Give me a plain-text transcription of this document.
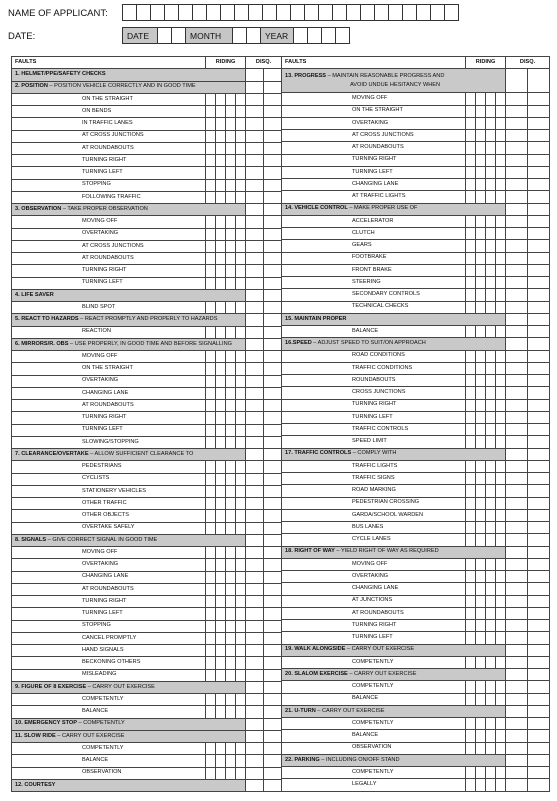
NAME OF APPLICANT:
DATE:	DATE	MONTH	YEAR
FAULTS	RIDING				DISQ.	
1. HELMET/PPE/SAFETY CHECKS						
2. POSITION – POSITION VEHICLE CORRECTLY AND IN GOOD TIME						
ON THE STRAIGHT						
ON BENDS						
IN TRAFFIC LANES						
AT CROSS JUNCTIONS						
AT ROUNDABOUTS						
TURNING RIGHT						
TURNING LEFT						
STOPPING						
FOLLOWING TRAFFIC						
3. OBSERVATION – TAKE PROPER OBSERVATION						
MOVING OFF						
OVERTAKING						
AT CROSS JUNCTIONS						
AT ROUNDABOUTS						
TURNING RIGHT						
TURNING LEFT						
4. LIFE SAVER						
BLIND SPOT						
5. REACT TO HAZARDS – REACT PROMPTLY AND PROPERLY TO HAZARDS						
REACTION						
6. MIRRORS/R. OBS – USE PROPERLY, IN GOOD TIME AND BEFORE SIGNALLING						
MOVING OFF						
ON THE STRAIGHT						
OVERTAKING						
CHANGING LANE						
AT ROUNDABOUTS						
TURNING RIGHT						
TURNING LEFT						
SLOWING/STOPPING						
7. CLEARANCE/OVERTAKE – ALLOW SUFFICIENT CLEARANCE TO						
PEDESTRIANS						
CYCLISTS						
STATIONERY VEHICLES						
OTHER TRAFFIC						
OTHER OBJECTS						
OVERTAKE SAFELY						
8. SIGNALS – GIVE CORRECT SIGNAL IN GOOD TIME						
MOVING OFF						
OVERTAKING						
CHANGING LANE						
AT ROUNDABOUTS						
TURNING RIGHT						
TURNING LEFT						
STOPPING						
CANCEL PROMPTLY						
HAND SIGNALS						
BECKONING OTHERS						
MISLEADING						
9. FIGURE OF 8 EXERCISE – CARRY OUT EXERCISE						
COMPETENTLY						
BALANCE						
10. EMERGENCY STOP – COMPETENTLY						
11. SLOW RIDE – CARRY OUT EXERCISE						
COMPETENTLY						
BALANCE						
OBSERVATION						
12. COURTESY						
FAULTS	RIDING				DISQ.	
13. PROGRESS – MAINTAIN REASONABLE PROGRESS AND
AVOID UNDUE HESITANCY WHEN						

MOVING OFF						
ON THE STRAIGHT						
OVERTAKING						
AT CROSS JUNCTIONS						
AT ROUNDABOUTS						
TURNING RIGHT						
TURNING LEFT						
CHANGING LANE						
AT TRAFFIC LIGHTS						
14. VEHICLE CONTROL – MAKE PROPER USE OF						
ACCELERATOR						
CLUTCH						
GEARS						
FOOTBRAKE						
FRONT BRAKE						
STEERING						
SECONDARY CONTROLS						
TECHNICAL CHECKS						
15. MAINTAIN PROPER						
BALANCE						
16.SPEED – ADJUST SPEED TO SUIT/ON APPROACH						
ROAD CONDITIONS						
TRAFFIC CONDITIONS						
ROUNDABOUTS						
CROSS JUNCTIONS						
TURNING RIGHT						
TURNING LEFT						
TRAFFIC CONTROLS						
SPEED LIMIT						
17. TRAFFIC CONTROLS – COMPLY WITH						
TRAFFIC LIGHTS						
TRAFFIC SIGNS						
ROAD MARKING						
PEDESTRIAN CROSSING						
GARDA/SCHOOL WARDEN						
BUS LANES						
CYCLE LANES						
18. RIGHT OF WAY – YIELD RIGHT OF WAY AS REQUIRED						
MOVING OFF						
OVERTAKING						
CHANGING LANE						
AT JUNCTIONS						
AT ROUNDABOUTS						
TURNING RIGHT						
TURNING LEFT						
19. WALK ALONGSIDE – CARRY OUT EXERCISE						
COMPETENTLY						
20. SLALOM EXERCISE – CARRY OUT EXERCISE						
COMPETENTLY						
BALANCE						
21. U-TURN – CARRY OUT EXERCISE						
COMPETENTLY						
BALANCE						
OBSERVATION						
22. PARKING – INCLUDING ON/OFF STAND						
COMPETENTLY						
LEGALLY						
